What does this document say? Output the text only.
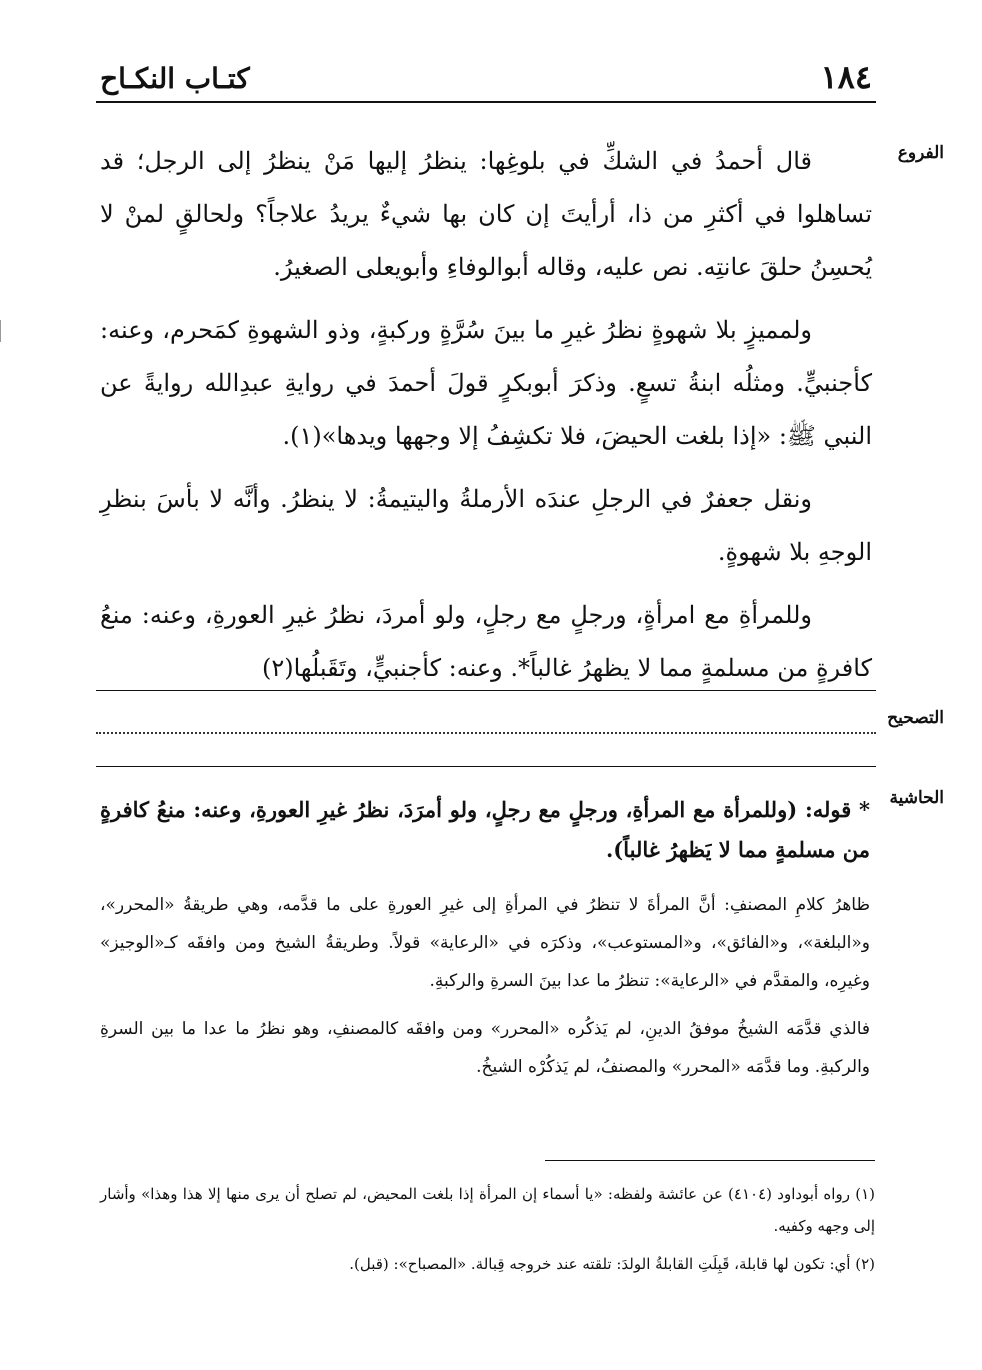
١٨٤
كتـاب النكـاح
الفروع

قال أحمدُ في الشكِّ في بلوغِها: ينظرُ إليها مَنْ ينظرُ إلى الرجل؛ قد تساهلوا في أكثرِ من ذا، أرأيتَ إن كان بها شيءٌ يريدُ علاجاً؟ ولحالقٍ لمنْ لا يُحسِنُ حلقَ عانتِه. نص عليه، وقاله أبوالوفاءِ وأبويعلى الصغيرُ.

ولمميزٍ بلا شهوةٍ نظرُ غيرِ ما بينَ سُرَّةٍ وركبةٍ، وذو الشهوةِ كمَحرم، وعنه: كأجنبيٍّ. ومثلُه ابنةُ تسعٍ. وذكرَ أبوبكرٍ قولَ أحمدَ في روايةِ عبدِالله روايةً عن النبي ﷺ: «إذا بلغت الحيضَ، فلا تكشِفُ إلا وجهها ويدها»(١).

ونقل جعفرٌ في الرجلِ عندَه الأرملةُ واليتيمةُ: لا ينظرُ. وأنَّه لا بأسَ بنظرِ الوجهِ بلا شهوةٍ.

وللمرأةِ مع امرأةٍ، ورجلٍ مع رجلٍ، ولو أمردَ، نظرُ غيرِ العورةِ، وعنه: منعُ كافرةٍ من مسلمةٍ مما لا يظهرُ غالباً*. وعنه: كأجنبيٍّ، وتَقَبلُها(٢)

التصحيح
الحاشية

* قوله: (وللمرأة مع المرأةِ، ورجلٍ مع رجلٍ، ولو أمرَدَ، نظرُ غيرِ العورةِ، وعنه: منعُ كافرةٍ من مسلمةٍ مما لا يَظهرُ غالباً).

ظاهرُ كلامِ المصنفِ: أنَّ المرأةَ لا تنظرُ في المرأةِ إلى غيرِ العورةِ على ما قدَّمه، وهي طريقةُ «المحرر»، و«البلغة»، و«الفائق»، و«المستوعب»، وذكرَه في «الرعاية» قولاً. وطريقةُ الشيخ ومن وافقَه كـ«الوجيز» وغيرِه، والمقدَّم في «الرعاية»: تنظرُ ما عدا بينَ السرةِ والركبةِ.

فالذي قدَّمَه الشيخُ موفقُ الدينِ، لم يَذكُره «المحرر» ومن وافقَه كالمصنفِ، وهو نظرُ ما عدا ما بين السرةِ والركبةِ. وما قدَّمَه «المحرر» والمصنفُ، لم يَذكُرْه الشيخُ.

(١) رواه أبوداود (٤١٠٤) عن عائشة ولفظه: «يا أسماء إن المرأة إذا بلغت المحيض، لم تصلح أن يرى منها إلا هذا وهذا» وأشار إلى وجهه وكفيه.

(٢) أي: تكون لها قابلة، قَبِلَتِ القابلةُ الولدَ: تلقته عند خروجه قِبالة. «المصباح»: (قبل).
